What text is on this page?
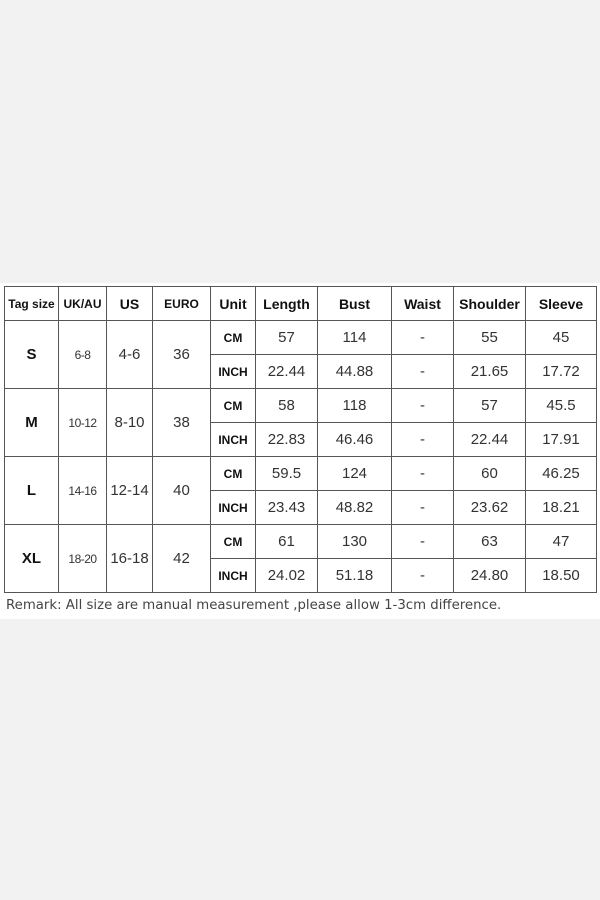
Tag size	UK/AU	US	EURO	Unit	Length	Bust	Waist	Shoulder	Sleeve
S	6-8	4-6	36	CM	57	114	-	55	45
				INCH	22.44	44.88	-	21.65	17.72
M	10-12	8-10	38	CM	58	118	-	57	45.5
				INCH	22.83	46.46	-	22.44	17.91
L	14-16	12-14	40	CM	59.5	124	-	60	46.25
				INCH	23.43	48.82	-	23.62	18.21
XL	18-20	16-18	42	CM	61	130	-	63	47
				INCH	24.02	51.18	-	24.80	18.50
Remark: All size are manual measurement ,please allow 1-3cm difference.
